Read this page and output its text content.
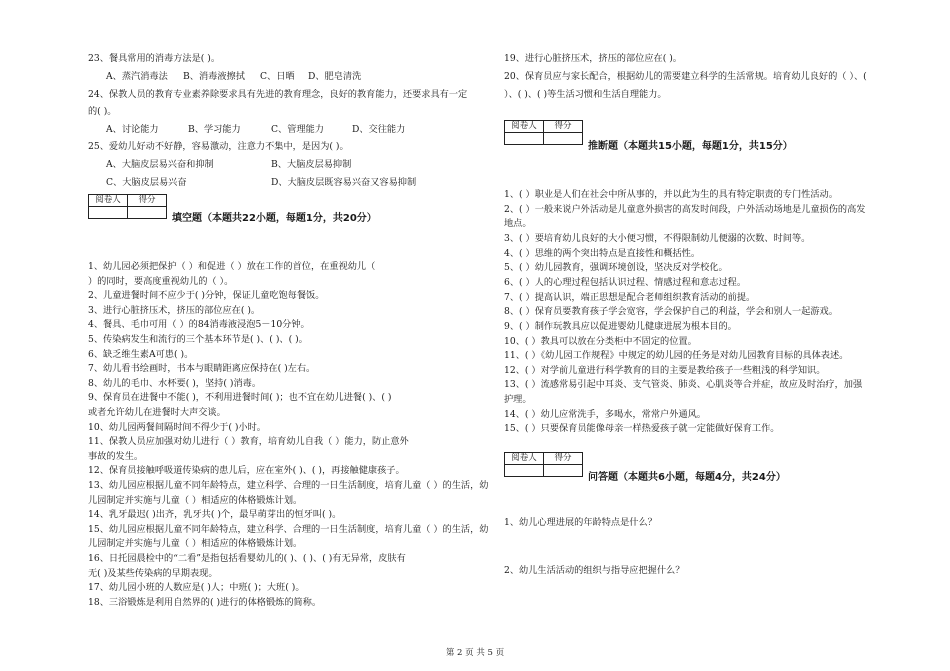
23、餐具常用的消毒方法是( )。
A、蒸汽消毒法 B、消毒液擦拭 C、日晒 D、肥皂清洗
24、保教人员的教育专业素养除要求具有先进的教育理念，良好的教育能力，还要求具有一定
的( )。
A、讨论能力	B、学习能力	C、管理能力	D、交往能力
25、爱幼儿好动不好静，容易激动，注意力不集中，是因为( )。
A、大脑皮层易兴奋和抑制	B、大脑皮层易抑制
C、大脑皮层易兴奋	D、大脑皮层既容易兴奋又容易抑制
阅卷人	得分

填空题（本题共22小题，每题1分，共20分）
1、幼儿园必须把保护（ ）和促进（ ）放在工作的首位，在重视幼儿（
）的同时，要高度重视幼儿的（ ）。
2、儿童进餐时间不应少于( )分钟，保证儿童吃饱每餐饭。
3、进行心脏挤压术，挤压的部位应在( )。
4、餐具、毛巾可用（ ）的84消毒液浸泡5－10分钟。
5、传染病发生和流行的三个基本环节是( )、( )、( )。
6、缺乏维生素A可患( )。
7、幼儿看书绘画时，书本与眼睛距离应保持在( )左右。
8、幼儿的毛巾、水杯要( )，坚持( )消毒。
9、保育员在进餐中不能( )，不利用进餐时间( )；也不宜在幼儿进餐( )、( )
或者允许幼儿在进餐时大声交谈。
10、幼儿园两餐间隔时间不得少于( )小时。
11、保教人员应加强对幼儿进行（ ）教育，培育幼儿自我（ ）能力，防止意外
事故的发生。
12、保育员接触呼吸道传染病的患儿后，应在室外( )、( )，再接触健康孩子。
13、幼儿园应根据儿童不同年龄特点，建立科学、合理的一日生活制度，培育儿童（ ）的生活，幼
儿园制定并实施与儿童（ ）相适应的体格锻炼计划。
14、乳牙最迟( )出齐，乳牙共( )个，最早萌芽出的恒牙叫( )。
15、幼儿园应根据儿童不同年龄特点，建立科学、合理的一日生活制度，培育儿童（ ）的生活，幼
儿园制定并实施与儿童（ ）相适应的体格锻炼计划。
16、日托园晨检中的“二看”是指包括看婴幼儿的( )、( )、( )有无异常，皮肤有
无( )及某些传染病的早期表现。
17、幼儿园小班的人数应是( )人；中班( )；大班( )。
18、三浴锻炼是利用自然界的( )进行的体格锻炼的简称。
19、进行心脏挤压术，挤压的部位应在( )。
20、保育员应与家长配合，根据幼儿的需要建立科学的生活常规。培育幼儿良好的（ ）、(
）、( )、( )等生活习惯和生活自理能力。
阅卷人	得分

推断题（本题共15小题，每题1分，共15分）
1、( ）职业是人们在社会中所从事的，并以此为生的具有特定职责的专门性活动。
2、( ）一般来说户外活动是儿童意外损害的高发时间段，户外活动场地是儿童损伤的高发
地点。
3、( ）要培育幼儿良好的大小便习惯，不得限制幼儿便溺的次数、时间等。
4、( ）思维的两个突出特点是直接性和概括性。
5、( ）幼儿园教育，强调环境创设，坚决反对学校化。
6、( ）人的心理过程包括认识过程、情感过程和意志过程。
7、( ）提高认识，端正思想是配合老师组织教育活动的前提。
8、( ）保育员要教育孩子学会宽容，学会保护自己的利益，学会和别人一起游戏。
9、( ）制作玩教具应以促进婴幼儿健康进展为根本目的。
10、( ）教具可以放在分类柜中不固定的位置。
11、( ）《幼儿园工作规程》中规定的幼儿园的任务是对幼儿园教育目标的具体表述。
12、( ）对学前儿童进行科学教育的目的主要是教给孩子一些粗浅的科学知识。
13、( ）流感常易引起中耳炎、支气管炎、肺炎、心肌炎等合并症，故应及时治疗，加强
护理。
14、( ）幼儿应常洗手，多喝水，常常户外通风。
15、( ）只要保育员能像母亲一样热爱孩子就一定能做好保育工作。
阅卷人	得分

问答题（本题共6小题，每题4分，共24分）
1、幼儿心理进展的年龄特点是什么？
2、幼儿生活活动的组织与指导应把握什么？
第 2 页 共 5 页
